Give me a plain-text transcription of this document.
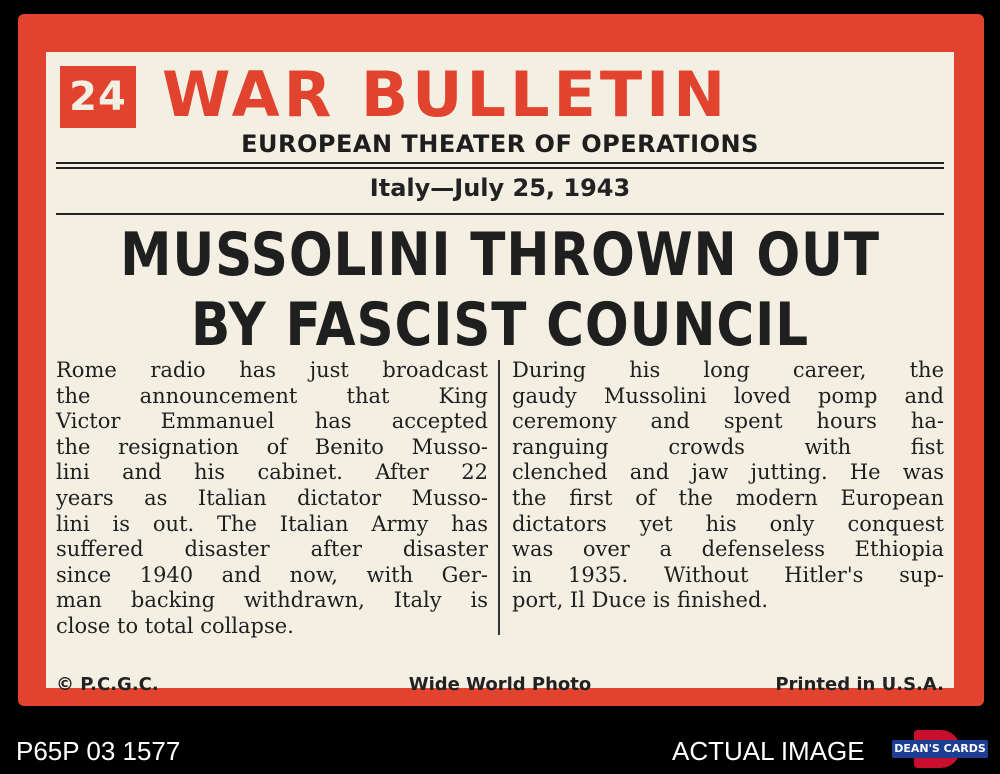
24 WAR BULLETIN
EUROPEAN THEATER OF OPERATIONS
Italy—July 25, 1943
MUSSOLINI THROWN OUT
BY FASCIST COUNCIL
Rome radio has just broadcast
the announcement that King
Victor Emmanuel has accepted
the resignation of Benito Musso-
lini and his cabinet. After 22
years as Italian dictator Musso-
lini is out. The Italian Army has
suffered disaster after disaster
since 1940 and now, with Ger-
man backing withdrawn, Italy is
close to total collapse.
During his long career, the
gaudy Mussolini loved pomp and
ceremony and spent hours ha-
ranguing crowds with fist
clenched and jaw jutting. He was
the first of the modern European
dictators yet his only conquest
was over a defenseless Ethiopia
in 1935. Without Hitler's sup-
port, Il Duce is finished.
© P.C.G.C.	Wide World Photo	Printed in U.S.A.
P65P 03 1577	ACTUAL IMAGE	DEAN'S CARDS
